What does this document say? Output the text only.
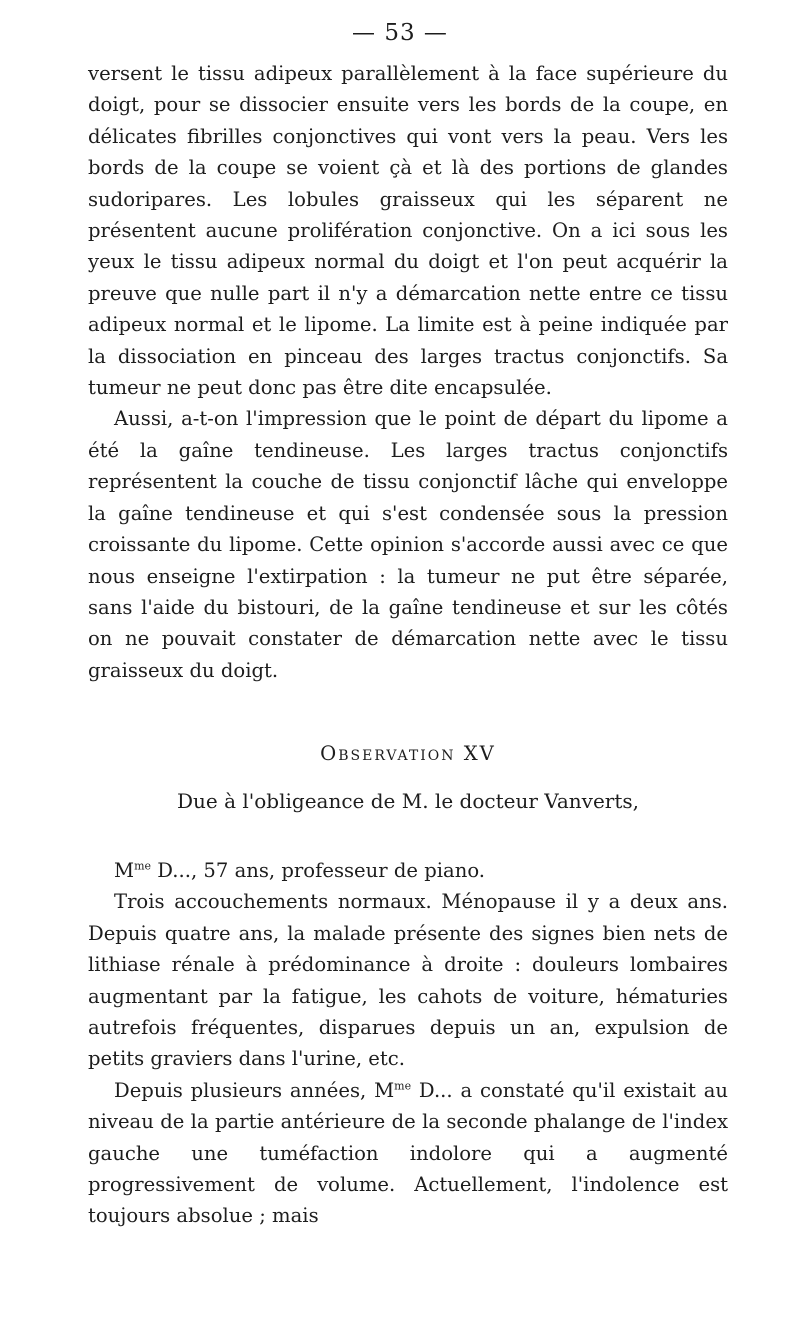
— 53 —

versent le tissu adipeux parallèlement à la face supérieure du doigt, pour se dissocier ensuite vers les bords de la coupe, en délicates fibrilles conjonctives qui vont vers la peau. Vers les bords de la coupe se voient çà et là des portions de glandes sudoripares. Les lobules graisseux qui les séparent ne présentent aucune prolifération conjonctive. On a ici sous les yeux le tissu adipeux normal du doigt et l'on peut acquérir la preuve que nulle part il n'y a démarcation nette entre ce tissu adipeux normal et le lipome. La limite est à peine indiquée par la dissociation en pinceau des larges tractus conjonctifs. Sa tumeur ne peut donc pas être dite encapsulée.

Aussi, a-t-on l'impression que le point de départ du lipome a été la gaîne tendineuse. Les larges tractus conjonctifs représentent la couche de tissu conjonctif lâche qui enveloppe la gaîne tendineuse et qui s'est condensée sous la pression croissante du lipome. Cette opinion s'accorde aussi avec ce que nous enseigne l'extirpation : la tumeur ne put être séparée, sans l'aide du bistouri, de la gaîne tendineuse et sur les côtés on ne pouvait constater de démarcation nette avec le tissu graisseux du doigt.

Observation XV

Due à l'obligeance de M. le docteur Vanverts,

$M^{me}$ D..., 57 ans, professeur de piano.

Trois accouchements normaux. Ménopause il y a deux ans. Depuis quatre ans, la malade présente des signes bien nets de lithiase rénale à prédominance à droite : douleurs lombaires augmentant par la fatigue, les cahots de voiture, hématuries autrefois fréquentes, disparues depuis un an, expulsion de petits graviers dans l'urine, etc.

Depuis plusieurs années, $M^{me}$ D... a constaté qu'il existait au niveau de la partie antérieure de la seconde phalange de l'index gauche une tuméfaction indolore qui a augmenté progressivement de volume. Actuellement, l'indolence est toujours absolue ; mais
